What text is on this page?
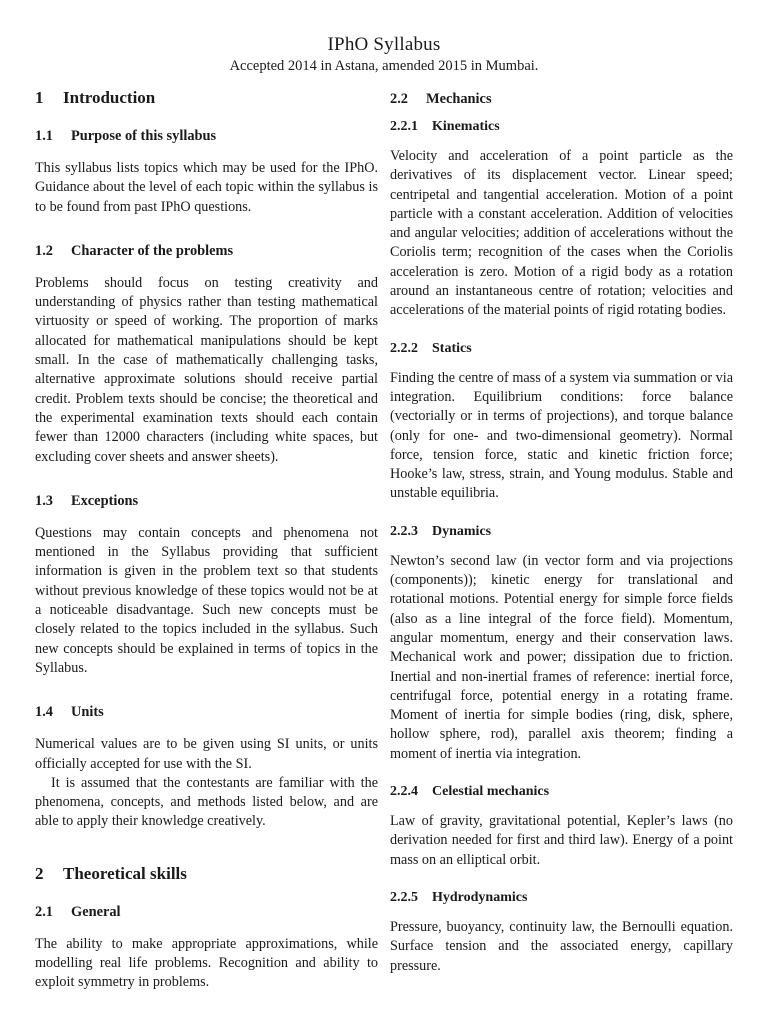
IPhO Syllabus
Accepted 2014 in Astana, amended 2015 in Mumbai.
1 Introduction
1.1 Purpose of this syllabus

This syllabus lists topics which may be used for the IPhO. Guidance about the level of each topic within the syllabus is to be found from past IPhO questions.

1.2 Character of the problems

Problems should focus on testing creativity and understanding of physics rather than testing mathematical virtuosity or speed of working. The proportion of marks allocated for mathematical manipulations should be kept small. In the case of mathematically challenging tasks, alternative approximate solutions should receive partial credit. Problem texts should be concise; the theoretical and the experimental examination texts should each contain fewer than 12000 characters (including white spaces, but excluding cover sheets and answer sheets).

1.3 Exceptions

Questions may contain concepts and phenomena not mentioned in the Syllabus providing that sufficient information is given in the problem text so that students without previous knowledge of these topics would not be at a noticeable disadvantage. Such new concepts must be closely related to the topics included in the syllabus. Such new concepts should be explained in terms of topics in the Syllabus.

1.4 Units

Numerical values are to be given using SI units, or units officially accepted for use with the SI.

It is assumed that the contestants are familiar with the phenomena, concepts, and methods listed below, and are able to apply their knowledge creatively.

2 Theoretical skills
2.1 General

The ability to make appropriate approximations, while modelling real life problems. Recognition and ability to exploit symmetry in problems.

2.2 Mechanics
2.2.1 Kinematics

Velocity and acceleration of a point particle as the derivatives of its displacement vector. Linear speed; centripetal and tangential acceleration. Motion of a point particle with a constant acceleration. Addition of velocities and angular velocities; addition of accelerations without the Coriolis term; recognition of the cases when the Coriolis acceleration is zero. Motion of a rigid body as a rotation around an instantaneous centre of rotation; velocities and accelerations of the material points of rigid rotating bodies.

2.2.2 Statics

Finding the centre of mass of a system via summation or via integration. Equilibrium conditions: force balance (vectorially or in terms of projections), and torque balance (only for one- and two-dimensional geometry). Normal force, tension force, static and kinetic friction force; Hooke’s law, stress, strain, and Young modulus. Stable and unstable equilibria.

2.2.3 Dynamics

Newton’s second law (in vector form and via projections (components)); kinetic energy for translational and rotational motions. Potential energy for simple force fields (also as a line integral of the force field). Momentum, angular momentum, energy and their conservation laws. Mechanical work and power; dissipation due to friction. Inertial and non-inertial frames of reference: inertial force, centrifugal force, potential energy in a rotating frame. Moment of inertia for simple bodies (ring, disk, sphere, hollow sphere, rod), parallel axis theorem; finding a moment of inertia via integration.

2.2.4 Celestial mechanics

Law of gravity, gravitational potential, Kepler’s laws (no derivation needed for first and third law). Energy of a point mass on an elliptical orbit.

2.2.5 Hydrodynamics

Pressure, buoyancy, continuity law, the Bernoulli equation. Surface tension and the associated energy, capillary pressure.
